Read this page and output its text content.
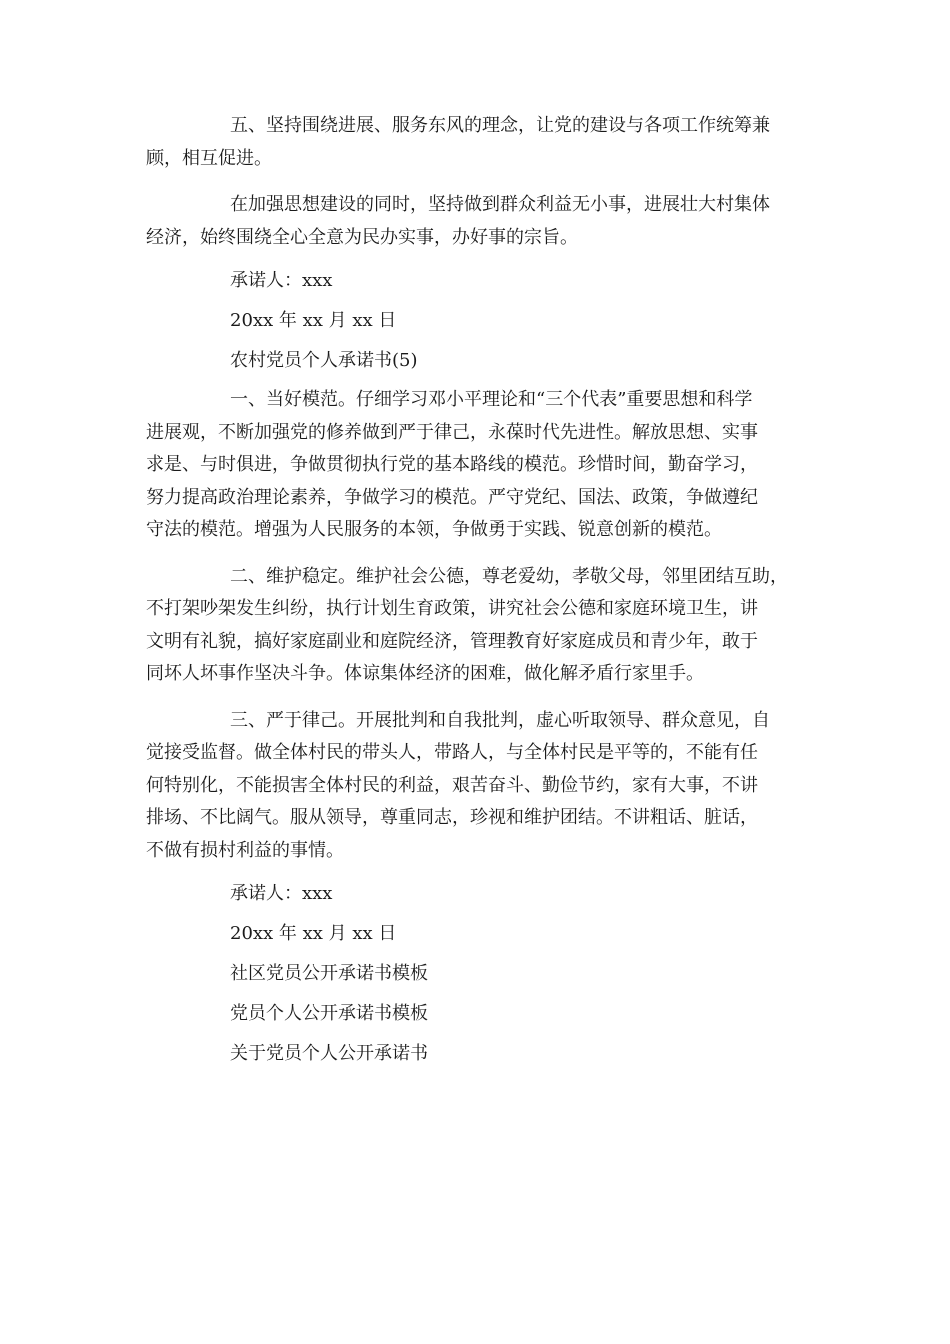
五、坚持围绕进展、服务东风的理念，让党的建设与各项工作统筹兼
顾，相互促进。

在加强思想建设的同时，坚持做到群众利益无小事，进展壮大村集体
经济，始终围绕全心全意为民办实事，办好事的宗旨。

承诺人：xxx

20xx 年 xx 月 xx 日

农村党员个人承诺书(5)

一、当好模范。仔细学习邓小平理论和“三个代表”重要思想和科学
进展观，不断加强党的修养做到严于律己，永葆时代先进性。解放思想、实事
求是、与时俱进，争做贯彻执行党的基本路线的模范。珍惜时间，勤奋学习，
努力提高政治理论素养，争做学习的模范。严守党纪、国法、政策，争做遵纪
守法的模范。增强为人民服务的本领，争做勇于实践、锐意创新的模范。

二、维护稳定。维护社会公德，尊老爱幼，孝敬父母，邻里团结互助，
不打架吵架发生纠纷，执行计划生育政策，讲究社会公德和家庭环境卫生，讲
文明有礼貌，搞好家庭副业和庭院经济，管理教育好家庭成员和青少年，敢于
同坏人坏事作坚决斗争。体谅集体经济的困难，做化解矛盾行家里手。

三、严于律己。开展批判和自我批判，虚心听取领导、群众意见，自
觉接受监督。做全体村民的带头人，带路人，与全体村民是平等的，不能有任
何特别化，不能损害全体村民的利益，艰苦奋斗、勤俭节约，家有大事，不讲
排场、不比阔气。服从领导，尊重同志，珍视和维护团结。不讲粗话、脏话，
不做有损村利益的事情。

承诺人：xxx

20xx 年 xx 月 xx 日

社区党员公开承诺书模板

党员个人公开承诺书模板

关于党员个人公开承诺书
